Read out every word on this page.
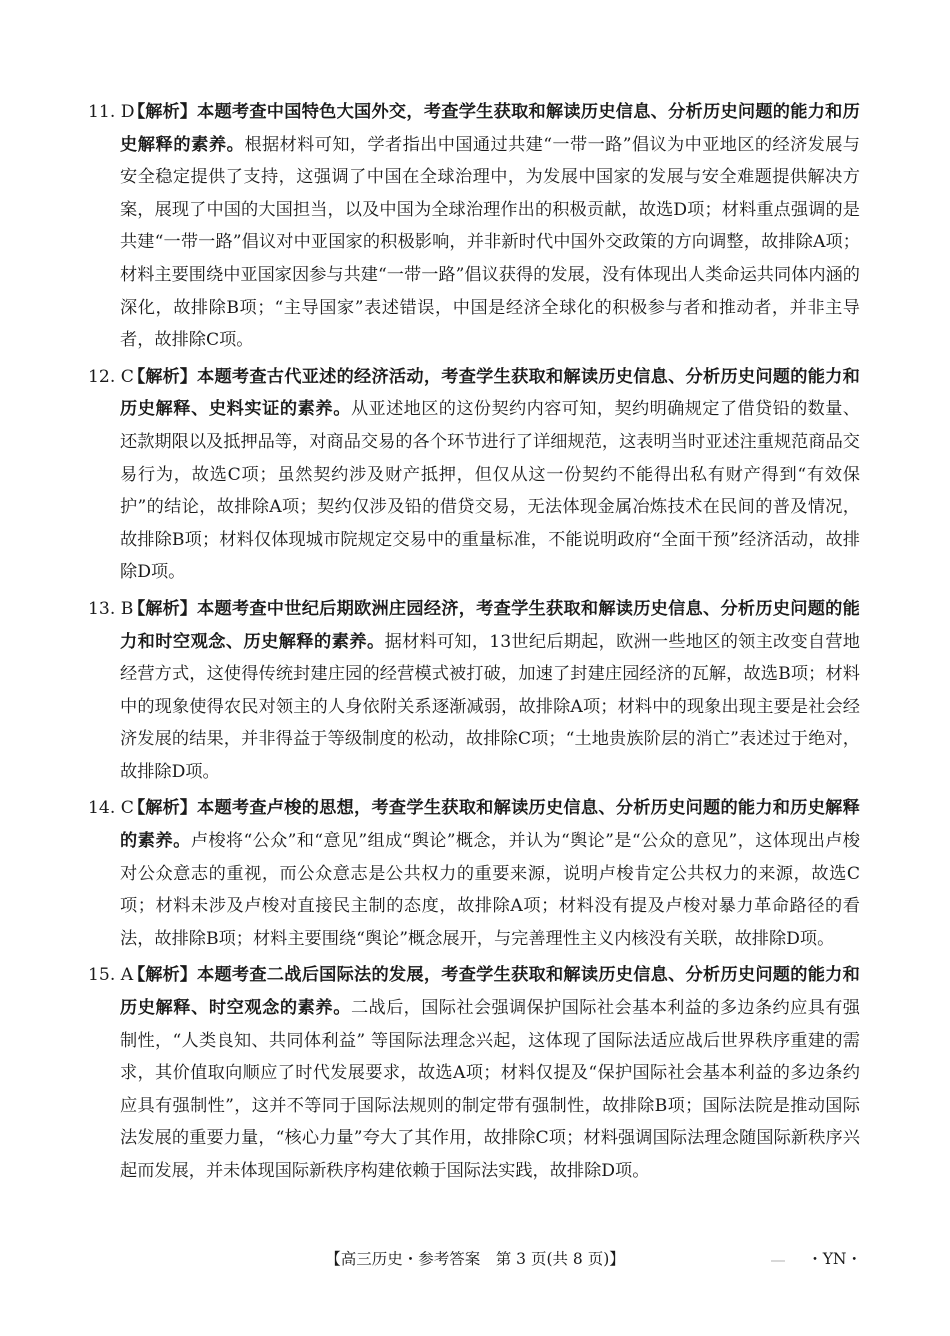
11. D
【解析】本题考查中国特色大国外交，考查学生获取和解读历史信息、分析历史问题的能力和历史解释的素养。根据材料可知，学者指出中国通过共建“一带一路”倡议为中亚地区的经济发展与安全稳定提供了支持，这强调了中国在全球治理中，为发展中国家的发展与安全难题提供解决方案，展现了中国的大国担当，以及中国为全球治理作出的积极贡献，故选D项；材料重点强调的是共建“一带一路”倡议对中亚国家的积极影响，并非新时代中国外交政策的方向调整，故排除A项；材料主要围绕中亚国家因参与共建“一带一路”倡议获得的发展，没有体现出人类命运共同体内涵的深化，故排除B项；“主导国家”表述错误，中国是经济全球化的积极参与者和推动者，并非主导者，故排除C项。
12. C
【解析】本题考查古代亚述的经济活动，考查学生获取和解读历史信息、分析历史问题的能力和历史解释、史料实证的素养。从亚述地区的这份契约内容可知，契约明确规定了借贷铅的数量、还款期限以及抵押品等，对商品交易的各个环节进行了详细规范，这表明当时亚述注重规范商品交易行为，故选C项；虽然契约涉及财产抵押，但仅从这一份契约不能得出私有财产得到“有效保护”的结论，故排除A项；契约仅涉及铅的借贷交易，无法体现金属冶炼技术在民间的普及情况，故排除B项；材料仅体现城市院规定交易中的重量标准，不能说明政府“全面干预”经济活动，故排除D项。
13. B
【解析】本题考查中世纪后期欧洲庄园经济，考查学生获取和解读历史信息、分析历史问题的能力和时空观念、历史解释的素养。据材料可知，13世纪后期起，欧洲一些地区的领主改变自营地经营方式，这使得传统封建庄园的经营模式被打破，加速了封建庄园经济的瓦解，故选B项；材料中的现象使得农民对领主的人身依附关系逐渐减弱，故排除A项；材料中的现象出现主要是社会经济发展的结果，并非得益于等级制度的松动，故排除C项；“土地贵族阶层的消亡”表述过于绝对，故排除D项。
14. C
【解析】本题考查卢梭的思想，考查学生获取和解读历史信息、分析历史问题的能力和历史解释的素养。卢梭将“公众”和“意见”组成“舆论”概念，并认为“舆论”是“公众的意见”，这体现出卢梭对公众意志的重视，而公众意志是公共权力的重要来源，说明卢梭肯定公共权力的来源，故选C项；材料未涉及卢梭对直接民主制的态度，故排除A项；材料没有提及卢梭对暴力革命路径的看法，故排除B项；材料主要围绕“舆论”概念展开，与完善理性主义内核没有关联，故排除D项。
15. A
【解析】本题考查二战后国际法的发展，考查学生获取和解读历史信息、分析历史问题的能力和历史解释、时空观念的素养。二战后，国际社会强调保护国际社会基本利益的多边条约应具有强制性，“人类良知、共同体利益” 等国际法理念兴起，这体现了国际法适应战后世界秩序重建的需求，其价值取向顺应了时代发展要求，故选A项；材料仅提及“保护国际社会基本利益的多边条约应具有强制性”，这并不等同于国际法规则的制定带有强制性，故排除B项；国际法院是推动国际法发展的重要力量，“核心力量”夸大了其作用，故排除C项；材料强调国际法理念随国际新秩序兴起而发展，并未体现国际新秩序构建依赖于国际法实践，故排除D项。
【高三历史・参考答案　第 3 页(共 8 页)】	・YN・
